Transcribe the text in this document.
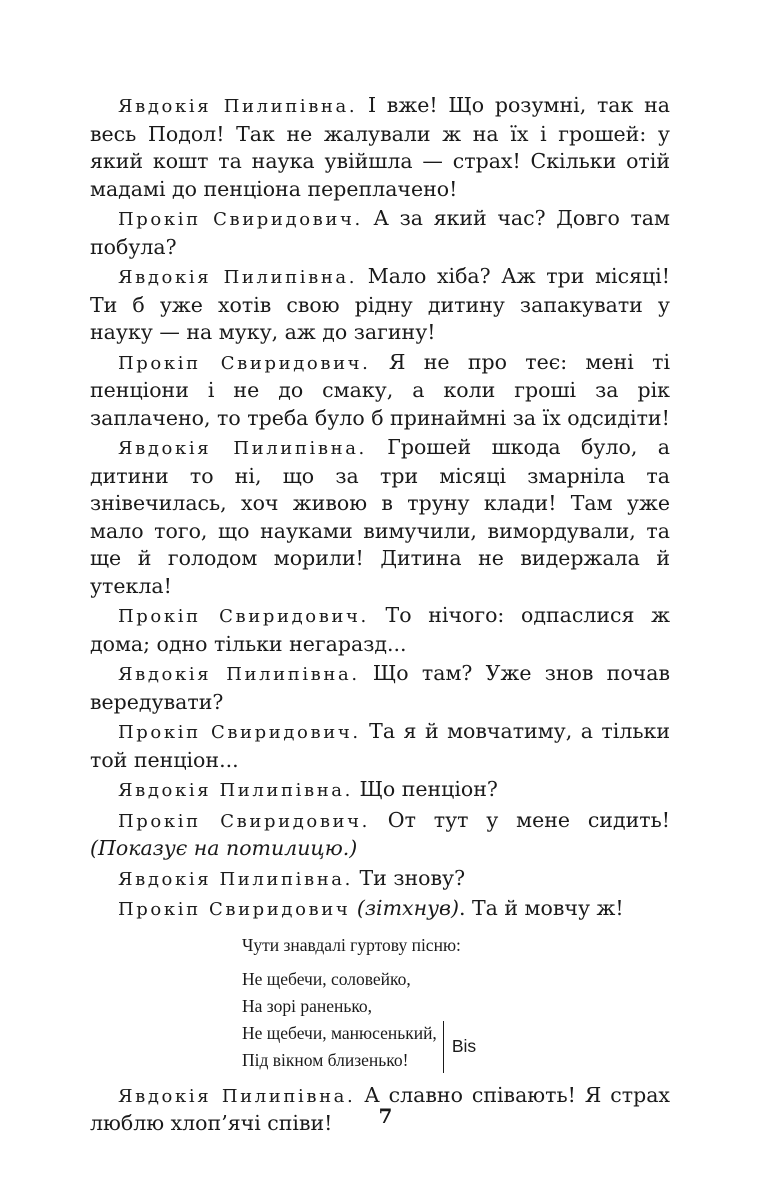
Явдокія Пилипівна. І вже! Що розумні, так на весь Подол! Так не жалували ж на їх і грошей: у який кошт та наука увійшла — страх! Скільки отій мадамі до пенціона переплачено!

Прокіп Свиридович. А за який час? Довго там побула?

Явдокія Пилипівна. Мало хіба? Аж три місяці! Ти б уже хотів свою рідну дитину запакувати у науку — на муку, аж до загину!

Прокіп Свиридович. Я не про теє: мені ті пенціони і не до смаку, а коли гроші за рік заплачено, то треба було б принаймні за їх одсидіти!

Явдокія Пилипівна. Грошей шкода було, а дитини то ні, що за три місяці змарніла та знівечилась, хоч живою в труну клади! Там уже мало того, що науками вимучили, вимордували, та ще й голодом морили! Дитина не видержала й утекла!

Прокіп Свиридович. То нічого: одпаслися ж дома; одно тільки негаразд...

Явдокія Пилипівна. Що там? Уже знов почав вередувати?

Прокіп Свиридович. Та я й мовчатиму, а тільки той пенціон...

Явдокія Пилипівна. Що пенціон?

Прокіп Свиридович. От тут у мене сидить! (Показує на потилицю.)

Явдокія Пилипівна. Ти знову?

Прокіп Свиридович (зітхнув). Та й мовчу ж!

Чути знавдалі гуртову пісню:
Не щебечи, соловейко,
На зорі раненько,
Не щебечи, манюсенький,
Під вікном близенько!
Bis

Явдокія Пилипівна. А славно співають! Я страх люблю хлоп’ячі співи!	7
